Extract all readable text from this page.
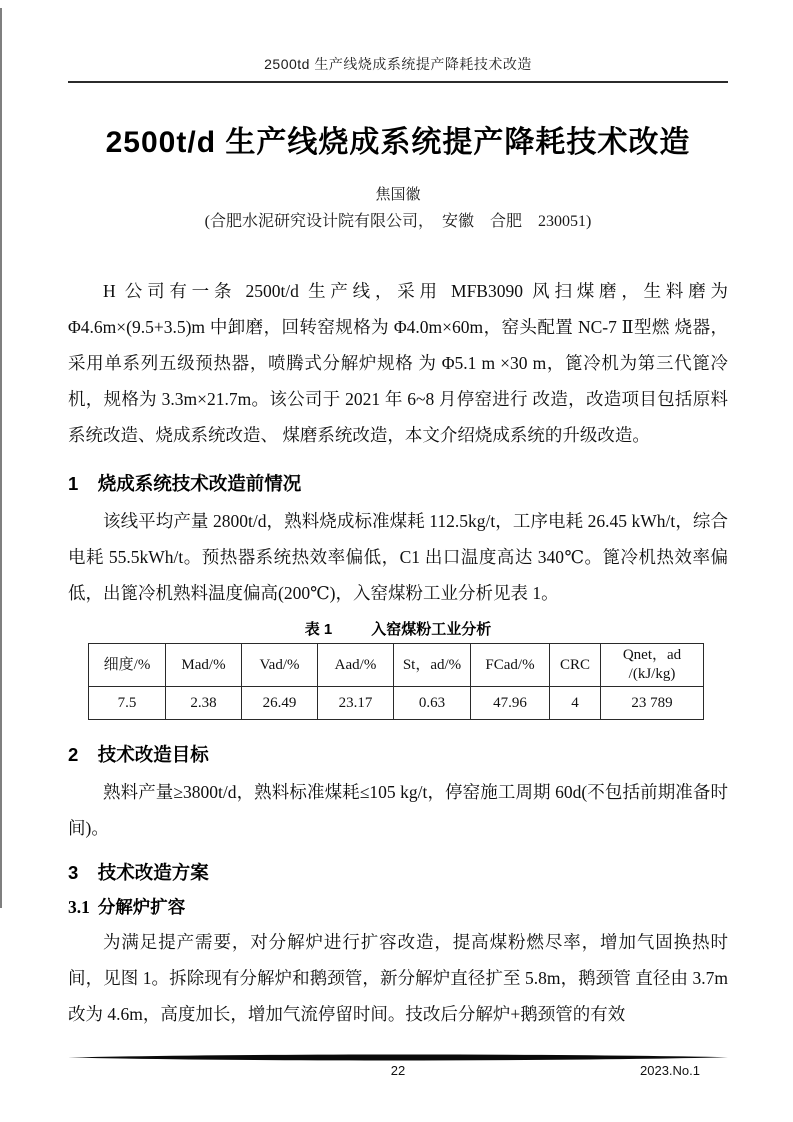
2500td 生产线烧成系统提产降耗技术改造
2500t/d 生产线烧成系统提产降耗技术改造
焦国徽
(合肥水泥研究设计院有限公司，　安徽　合肥　230051)

H 公司有一条 2500t/d 生产线，采用 MFB3090 风扫煤磨，生料磨为 Φ4.6m×(9.5+3.5)m 中卸磨，回转窑规格为 Φ4.0m×60m，窑头配置 NC-7 Ⅱ型燃 烧器，采用单系列五级预热器，喷腾式分解炉规格 为 Φ5.1 m ×30 m，篦冷机为第三代篦冷机，规格为 3.3m×21.7m。该公司于 2021 年 6~8 月停窑进行 改造，改造项目包括原料系统改造、烧成系统改造、 煤磨系统改造，本文介绍烧成系统的升级改造。

1 烧成系统技术改造前情况

该线平均产量 2800t/d，熟料烧成标准煤耗 112.5kg/t，工序电耗 26.45 kWh/t，综合电耗 55.5kWh/t。预热器系统热效率偏低，C1 出口温度高达 340℃。篦冷机热效率偏低，出篦冷机熟料温度偏高(200℃)，入窑煤粉工业分析见表 1。

表 1	入窑煤粉工业分析
细度/%	Mad/%	Vad/%	Aad/%	St，ad/%	FCad/%	CRC	Qnet，ad
/(kJ/kg)

7.5	2.38	26.49	23.17	0.63	47.96	4	23 789
2 技术改造目标

熟料产量≥3800t/d，熟料标准煤耗≤105 kg/t，停窑施工周期 60d(不包括前期准备时间)。

3 技术改造方案
3.1 分解炉扩容

为满足提产需要，对分解炉进行扩容改造，提高煤粉燃尽率，增加气固换热时间，见图 1。拆除现有分解炉和鹅颈管，新分解炉直径扩至 5.8m，鹅颈管 直径由 3.7m 改为 4.6m，高度加长，增加气流停留时间。技改后分解炉+鹅颈管的有效

22	2023.No.1
